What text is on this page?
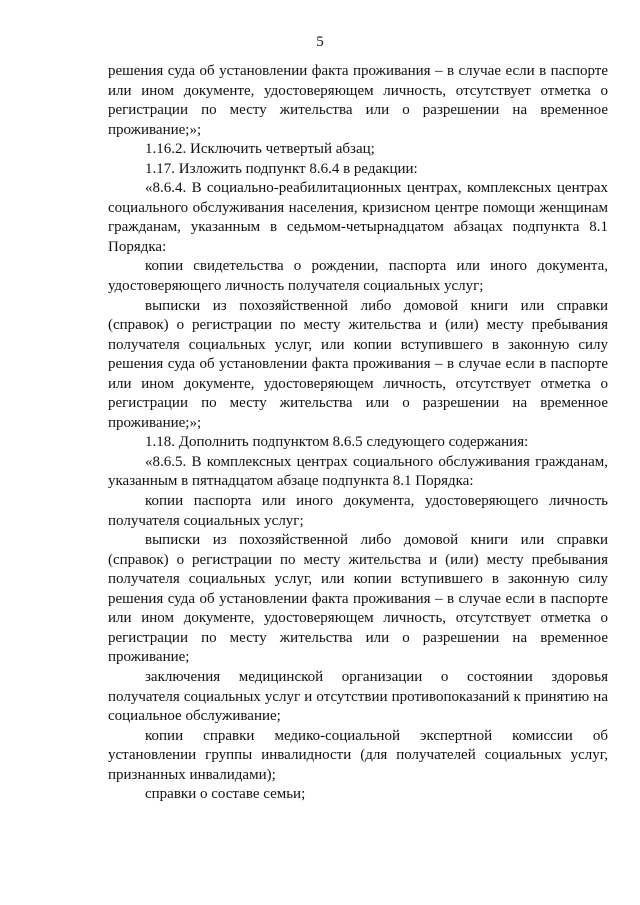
5

решения суда об установлении факта проживания – в случае если в паспорте или ином документе, удостоверяющем личность, отсутствует отметка о регистрации по месту жительства или о разрешении на временное проживание;»;

1.16.2. Исключить четвертый абзац;

1.17. Изложить подпункт 8.6.4 в редакции:

«8.6.4. В социально-реабилитационных центрах, комплексных центрах социального обслуживания населения, кризисном центре помощи женщинам гражданам, указанным в седьмом-четырнадцатом абзацах подпункта 8.1 Порядка:

копии свидетельства о рождении, паспорта или иного документа, удостоверяющего личность получателя социальных услуг;

выписки из похозяйственной либо домовой книги или справки (справок) о регистрации по месту жительства и (или) месту пребывания получателя социальных услуг, или копии вступившего в законную силу решения суда об установлении факта проживания – в случае если в паспорте или ином документе, удостоверяющем личность, отсутствует отметка о регистрации по месту жительства или о разрешении на временное проживание;»;

1.18. Дополнить подпунктом 8.6.5 следующего содержания:

«8.6.5. В комплексных центрах социального обслуживания гражданам, указанным в пятнадцатом абзаце подпункта 8.1 Порядка:

копии паспорта или иного документа, удостоверяющего личность получателя социальных услуг;

выписки из похозяйственной либо домовой книги или справки (справок) о регистрации по месту жительства и (или) месту пребывания получателя социальных услуг, или копии вступившего в законную силу решения суда об установлении факта проживания – в случае если в паспорте или ином документе, удостоверяющем личность, отсутствует отметка о регистрации по месту жительства или о разрешении на временное проживание;

заключения медицинской организации о состоянии здоровья получателя социальных услуг и отсутствии противопоказаний к принятию на социальное обслуживание;

копии справки медико-социальной экспертной комиссии об установлении группы инвалидности (для получателей социальных услуг, признанных инвалидами);

справки о составе семьи;
